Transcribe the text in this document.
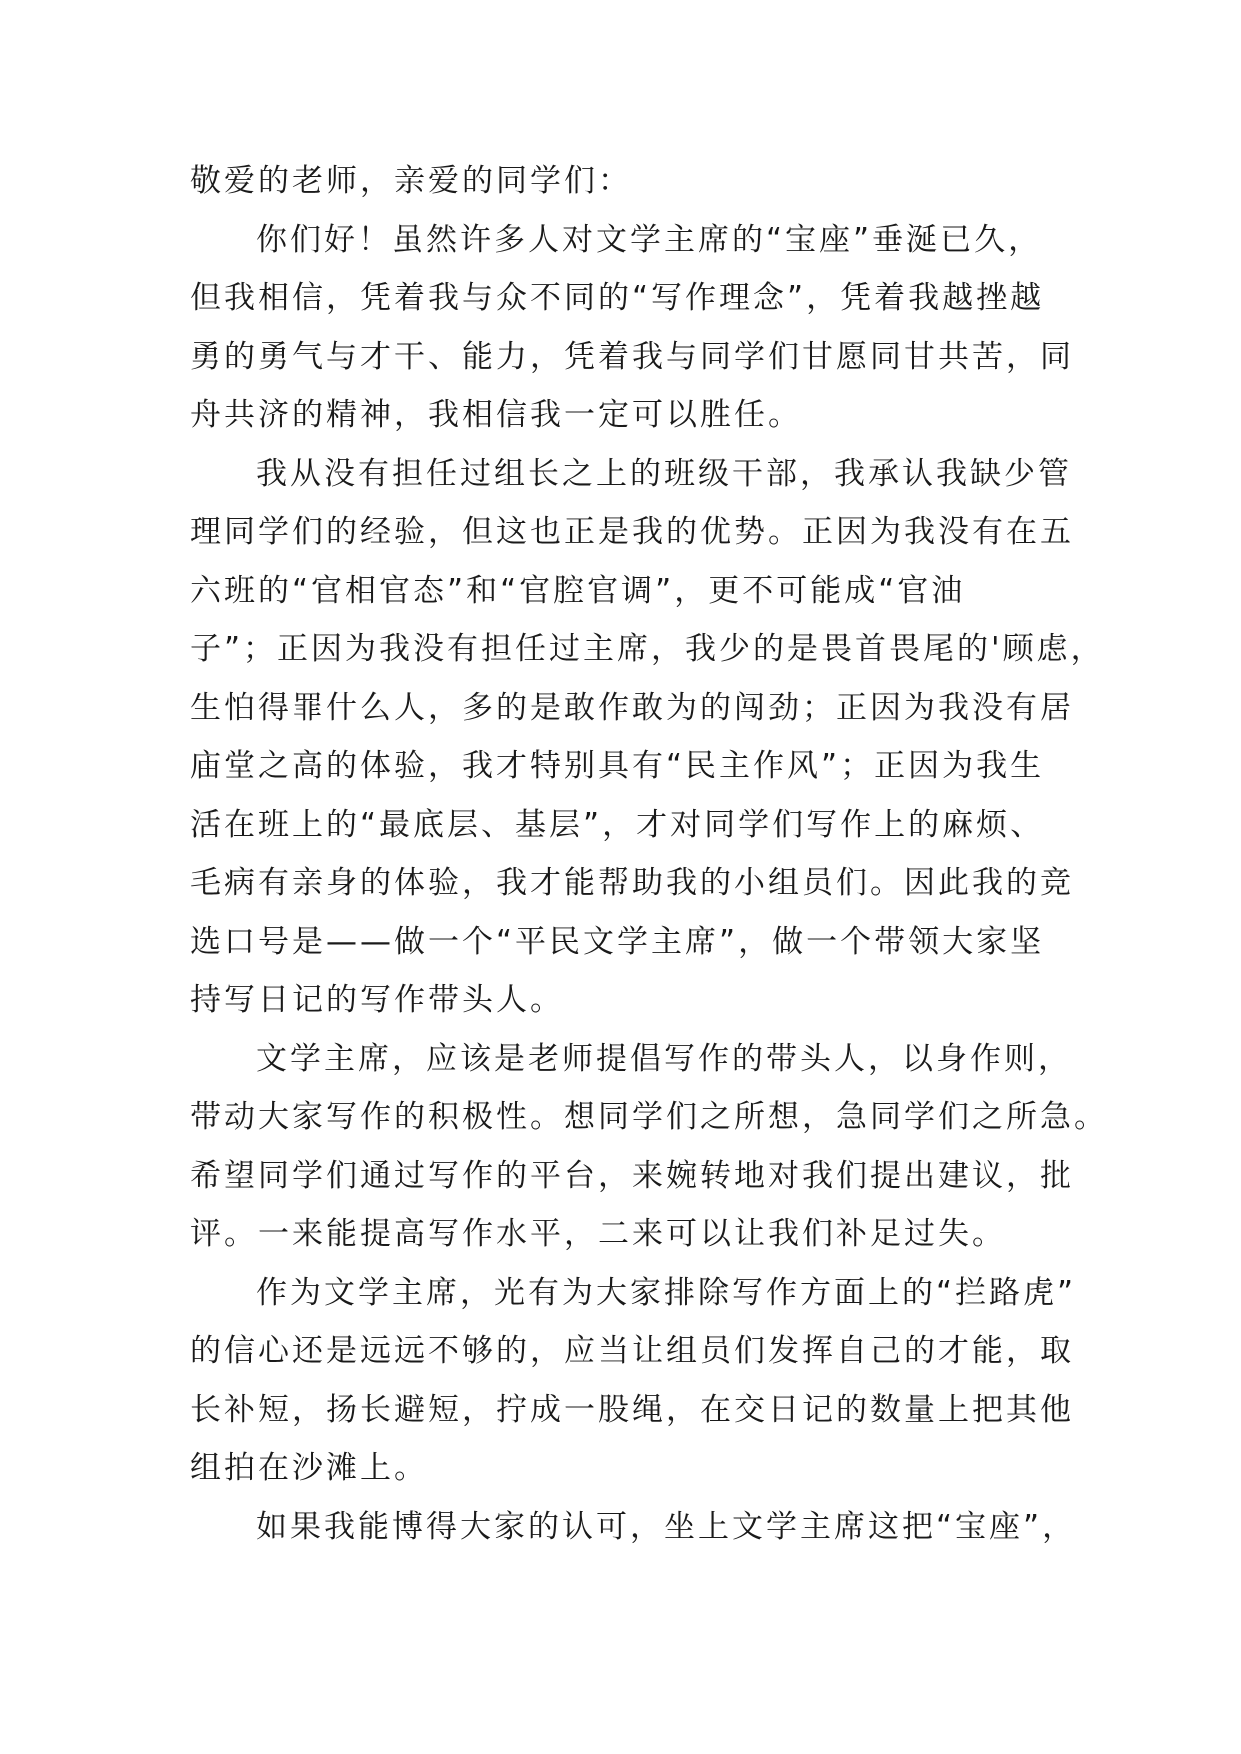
敬爱的老师，亲爱的同学们：
你们好！虽然许多人对文学主席的“宝座”垂涎已久，
但我相信，凭着我与众不同的“写作理念”，凭着我越挫越
勇的勇气与才干、能力，凭着我与同学们甘愿同甘共苦，同
舟共济的精神，我相信我一定可以胜任。
我从没有担任过组长之上的班级干部，我承认我缺少管
理同学们的经验，但这也正是我的优势。正因为我没有在五
六班的“官相官态”和“官腔官调”，更不可能成“官油
子”；正因为我没有担任过主席，我少的是畏首畏尾的'顾虑，
生怕得罪什么人，多的是敢作敢为的闯劲；正因为我没有居
庙堂之高的体验，我才特别具有“民主作风”；正因为我生
活在班上的“最底层、基层”，才对同学们写作上的麻烦、
毛病有亲身的体验，我才能帮助我的小组员们。因此我的竞
选口号是——做一个“平民文学主席”，做一个带领大家坚
持写日记的写作带头人。
文学主席，应该是老师提倡写作的带头人，以身作则，
带动大家写作的积极性。想同学们之所想，急同学们之所急。
希望同学们通过写作的平台，来婉转地对我们提出建议，批
评。一来能提高写作水平，二来可以让我们补足过失。
作为文学主席，光有为大家排除写作方面上的“拦路虎”
的信心还是远远不够的，应当让组员们发挥自己的才能，取
长补短，扬长避短，拧成一股绳，在交日记的数量上把其他
组拍在沙滩上。
如果我能博得大家的认可，坐上文学主席这把“宝座”，
